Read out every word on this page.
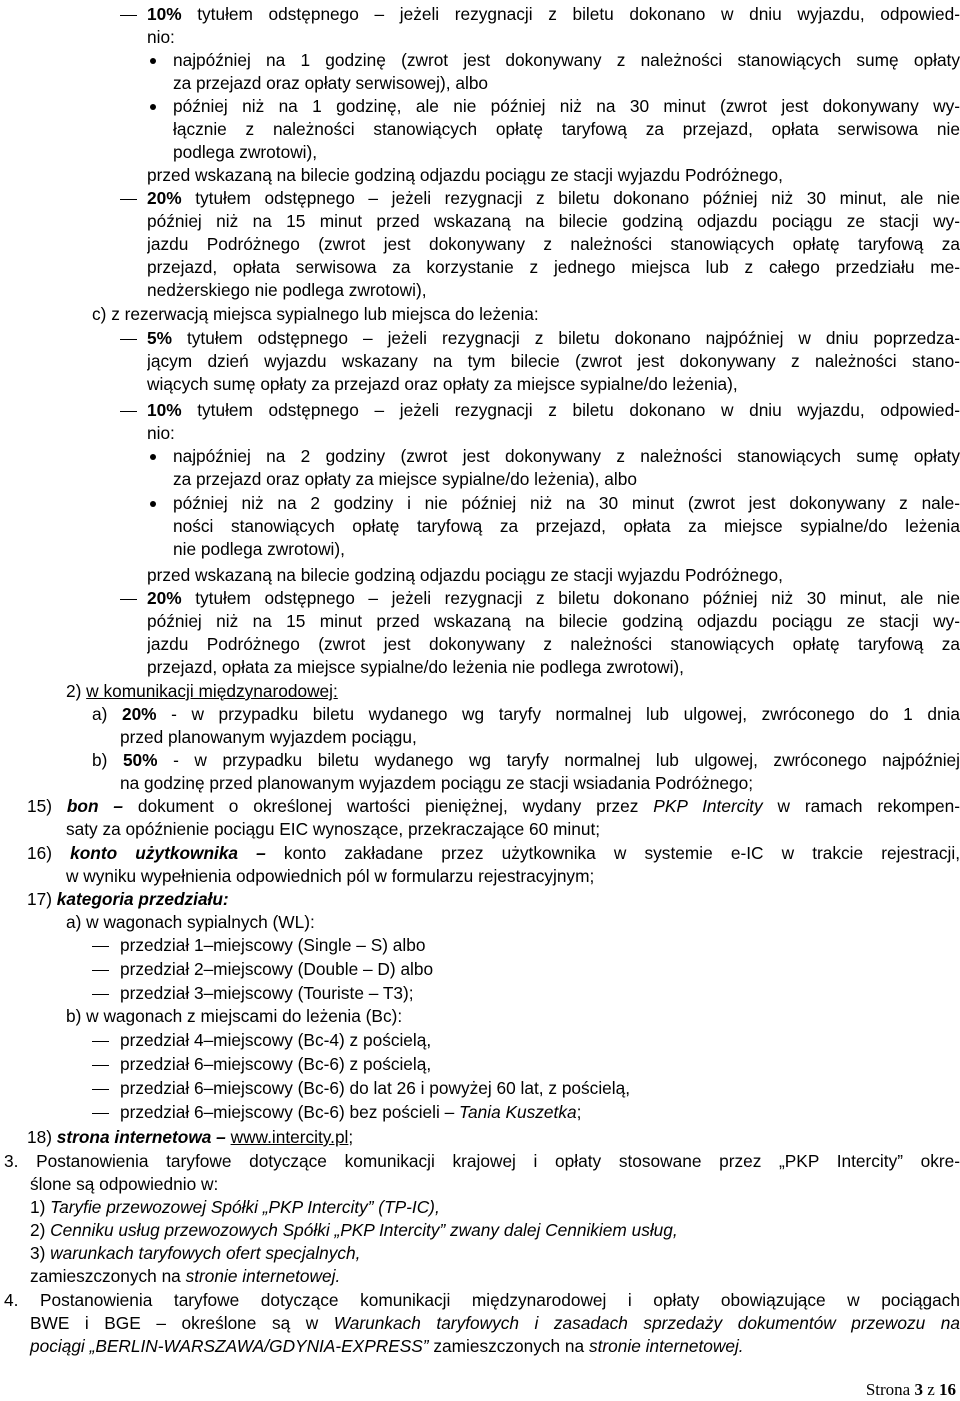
10% tytułem odstępnego – jeżeli rezygnacji z biletu dokonano w dniu wyjazdu, odpowied-
nio:
najpóźniej na 1 godzinę (zwrot jest dokonywany z należności stanowiących sumę opłaty
za przejazd oraz opłaty serwisowej), albo
później niż na 1 godzinę, ale nie później niż na 30 minut (zwrot jest dokonywany wy-
łącznie z należności stanowiących opłatę taryfową za przejazd, opłata serwisowa nie
podlega zwrotowi),
przed wskazaną na bilecie godziną odjazdu pociągu ze stacji wyjazdu Podróżnego,
20% tytułem odstępnego – jeżeli rezygnacji z biletu dokonano później niż 30 minut, ale nie
później niż na 15 minut przed wskazaną na bilecie godziną odjazdu pociągu ze stacji wy-
jazdu Podróżnego (zwrot jest dokonywany z należności stanowiących opłatę taryfową za
przejazd, opłata serwisowa za korzystanie z jednego miejsca lub z całego przedziału me-
nedżerskiego nie podlega zwrotowi),
c) z rezerwacją miejsca sypialnego lub miejsca do leżenia:
5% tytułem odstępnego – jeżeli rezygnacji z biletu dokonano najpóźniej w dniu poprzedza-
jącym dzień wyjazdu wskazany na tym bilecie (zwrot jest dokonywany z należności stano-
wiących sumę opłaty za przejazd oraz opłaty za miejsce sypialne/do leżenia),
10% tytułem odstępnego – jeżeli rezygnacji z biletu dokonano w dniu wyjazdu, odpowied-
nio:
najpóźniej na 2 godziny (zwrot jest dokonywany z należności stanowiących sumę opłaty
za przejazd oraz opłaty za miejsce sypialne/do leżenia), albo
później niż na 2 godziny i nie później niż na 30 minut (zwrot jest dokonywany z nale-
ności stanowiących opłatę taryfową za przejazd, opłata za miejsce sypialne/do leżenia
nie podlega zwrotowi),
przed wskazaną na bilecie godziną odjazdu pociągu ze stacji wyjazdu Podróżnego,
20% tytułem odstępnego – jeżeli rezygnacji z biletu dokonano później niż 30 minut, ale nie
później niż na 15 minut przed wskazaną na bilecie godziną odjazdu pociągu ze stacji wy-
jazdu Podróżnego (zwrot jest dokonywany z należności stanowiących opłatę taryfową za
przejazd, opłata za miejsce sypialne/do leżenia nie podlega zwrotowi),
2) w komunikacji międzynarodowej:
a) 20% - w przypadku biletu wydanego wg taryfy normalnej lub ulgowej, zwróconego do 1 dnia
przed planowanym wyjazdem pociągu,
b) 50% - w przypadku biletu wydanego wg taryfy normalnej lub ulgowej, zwróconego najpóźniej
na godzinę przed planowanym wyjazdem pociągu ze stacji wsiadania Podróżnego;
15) bon – dokument o określonej wartości pieniężnej, wydany przez PKP Intercity w ramach rekompen-
saty za opóźnienie pociągu EIC wynoszące, przekraczające 60 minut;
16) konto użytkownika – konto zakładane przez użytkownika w systemie e-IC w trakcie rejestracji,
w wyniku wypełnienia odpowiednich pól w formularzu rejestracyjnym;
17) kategoria przedziału:
a) w wagonach sypialnych (WL):
przedział 1–miejscowy (Single – S) albo
przedział 2–miejscowy (Double – D) albo
przedział 3–miejscowy (Touriste – T3);
b) w wagonach z miejscami do leżenia (Bc):
przedział 4–miejscowy (Bc-4) z pościelą,
przedział 6–miejscowy (Bc-6) z pościelą,
przedział 6–miejscowy (Bc-6) do lat 26 i powyżej 60 lat, z pościelą,
przedział 6–miejscowy (Bc-6) bez pościeli – Tania Kuszetka;
18) strona internetowa – www.intercity.pl;
3. Postanowienia taryfowe dotyczące komunikacji krajowej i opłaty stosowane przez „PKP Intercity” okre-
ślone są odpowiednio w:
1) Taryfie przewozowej Spółki „PKP Intercity” (TP-IC),
2) Cenniku usług przewozowych Spółki „PKP Intercity” zwany dalej Cennikiem usług,
3) warunkach taryfowych ofert specjalnych,
zamieszczonych na stronie internetowej.
4. Postanowienia taryfowe dotyczące komunikacji międzynarodowej i opłaty obowiązujące w pociągach
BWE i BGE – określone są w Warunkach taryfowych i zasadach sprzedaży dokumentów przewozu na
pociągi „BERLIN-WARSZAWA/GDYNIA-EXPRESS” zamieszczonych na stronie internetowej.
Strona 3 z 16
